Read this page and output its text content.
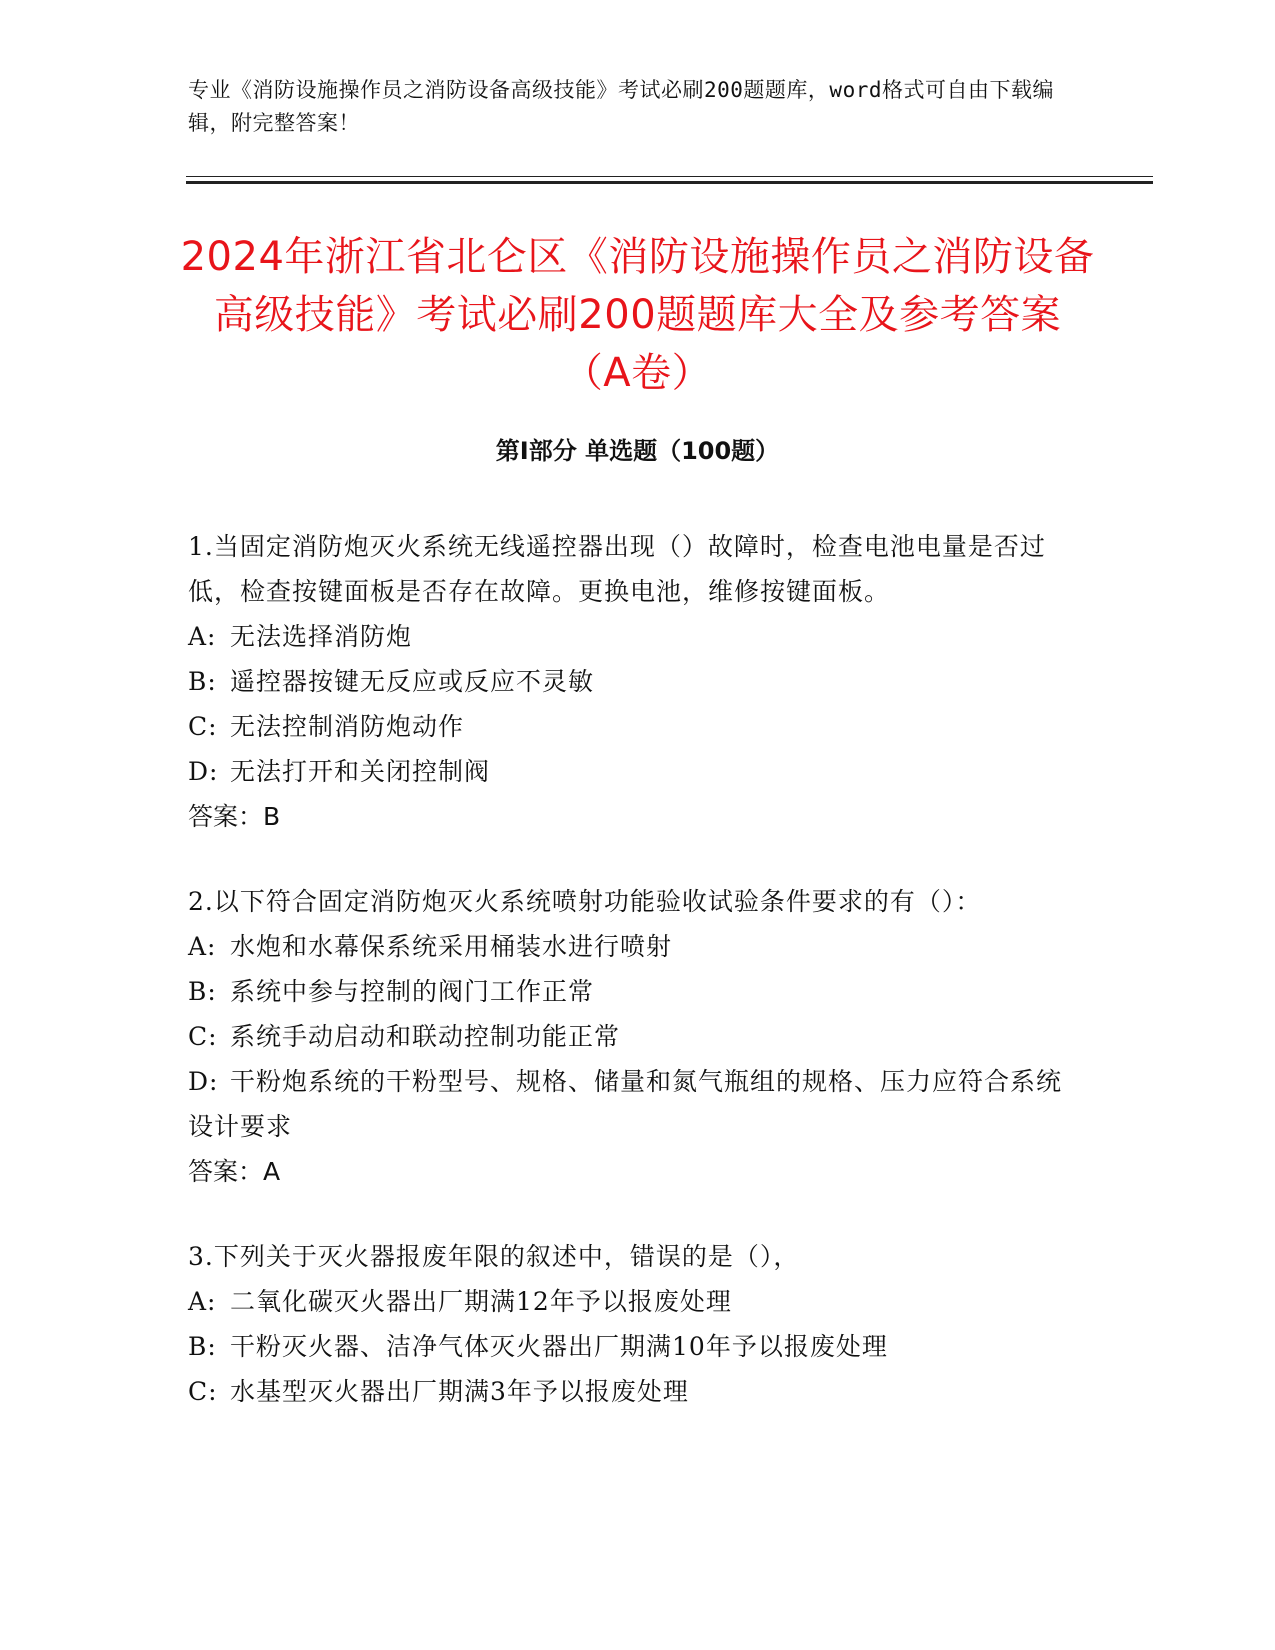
专业《消防设施操作员之消防设备高级技能》考试必刷200题题库，word格式可自由下载编辑，附完整答案！
2024年浙江省北仑区《消防设施操作员之消防设备高级技能》考试必刷200题题库大全及参考答案（A卷）
第I部分 单选题（100题）

1.当固定消防炮灭火系统无线遥控器出现（）故障时，检查电池电量是否过低，检查按键面板是否存在故障。更换电池，维修按键面板。

A: 无法选择消防炮

B: 遥控器按键无反应或反应不灵敏

C: 无法控制消防炮动作

D: 无法打开和关闭控制阀

答案：B

2.以下符合固定消防炮灭火系统喷射功能验收试验条件要求的有（）：

A: 水炮和水幕保系统采用桶装水进行喷射

B: 系统中参与控制的阀门工作正常

C: 系统手动启动和联动控制功能正常

D: 干粉炮系统的干粉型号、规格、储量和氮气瓶组的规格、压力应符合系统设计要求

答案：A

3.下列关于灭火器报废年限的叙述中，错误的是（），

A: 二氧化碳灭火器出厂期满12年予以报废处理

B: 干粉灭火器、洁净气体灭火器出厂期满10年予以报废处理

C: 水基型灭火器出厂期满3年予以报废处理
